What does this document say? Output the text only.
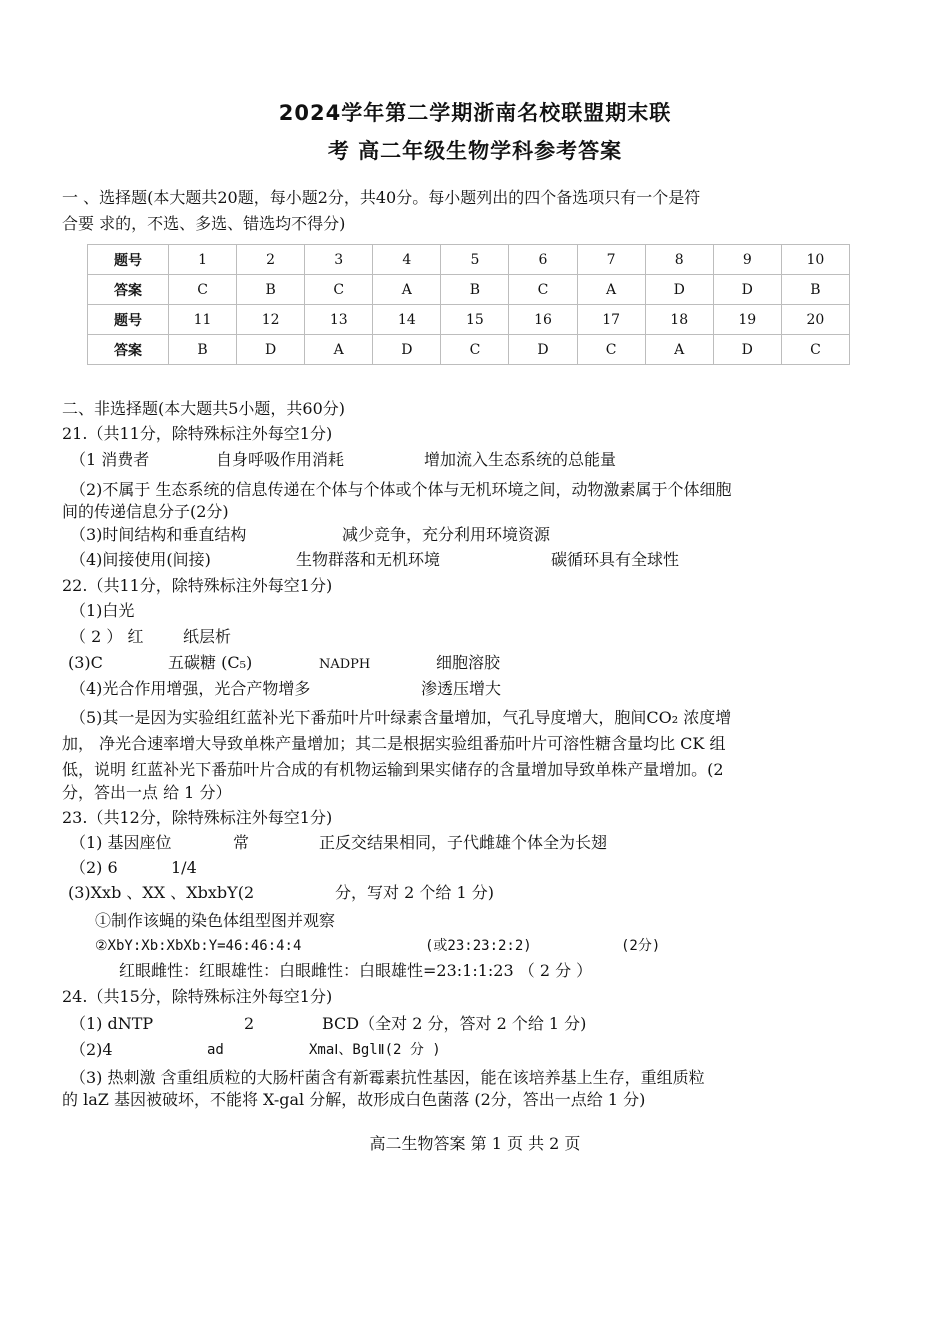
2024学年第二学期浙南名校联盟期末联
考 高二年级生物学科参考答案
一 、选择题(本大题共20题，每小题2分，共40分。每小题列出的四个备选项只有一个是符
合要 求的，不选、多选、错选均不得分)
题号	1	2	3	4	5	6	7	8	9	10
答案	C	B	C	A	B	C	A	D	D	B
题号	11	12	13	14	15	16	17	18	19	20
答案	B	D	A	D	C	D	C	A	D	C
二、非选择题(本大题共5小题，共60分)
21.（共11分，除特殊标注外每空1分)
（1 消费者	自身呼吸作用消耗	增加流入生态系统的总能量
（2)不属于 生态系统的信息传递在个体与个体或个体与无机环境之间，动物激素属于个体细胞
间的传递信息分子(2分)
（3)时间结构和垂直结构	减少竞争，充分利用环境资源
（4)间接使用(间接)	生物群落和无机环境	碳循环具有全球性
22.（共11分，除特殊标注外每空1分)
（1)白光
（ 2 ） 红 纸层析
(3)C	五碳糖 (C₅)	NADPH	细胞溶胶
（4)光合作用增强，光合产物增多	渗透压增大
（5)其一是因为实验组红蓝补光下番茄叶片叶绿素含量增加，气孔导度增大，胞间CO₂ 浓度增
加， 净光合速率增大导致单株产量增加；其二是根据实验组番茄叶片可溶性糖含量均比 CK 组
低，说明 红蓝补光下番茄叶片合成的有机物运输到果实储存的含量增加导致单株产量增加。(2
分，答出一点 给 1 分）
23.（共12分，除特殊标注外每空1分)
（1) 基因座位	常	正反交结果相同，子代雌雄个体全为长翅
（2) 6	1/4
(3)Xxb 、XX 、XbxbY(2	分，写对 2 个给 1 分)
①制作该蝇的染色体组型图并观察
②XbY:Xb:XbXb:Y=46:46:4:4	(或23:23:2:2)	(2分)
红眼雌性：红眼雄性：白眼雌性：白眼雄性=23:1:1:23 （ 2 分 ）
24.（共15分，除特殊标注外每空1分)
（1) dNTP	2	BCD（全对 2 分，答对 2 个给 1 分)
（2)4	ad	XmaⅠ、BglⅡ(2 分 )
（3) 热刺激 含重组质粒的大肠杆菌含有新霉素抗性基因，能在该培养基上生存，重组质粒
的 laZ 基因被破坏，不能将 X-gal 分解，故形成白色菌落 (2分，答出一点给 1 分)
高二生物答案 第 1 页 共 2 页
